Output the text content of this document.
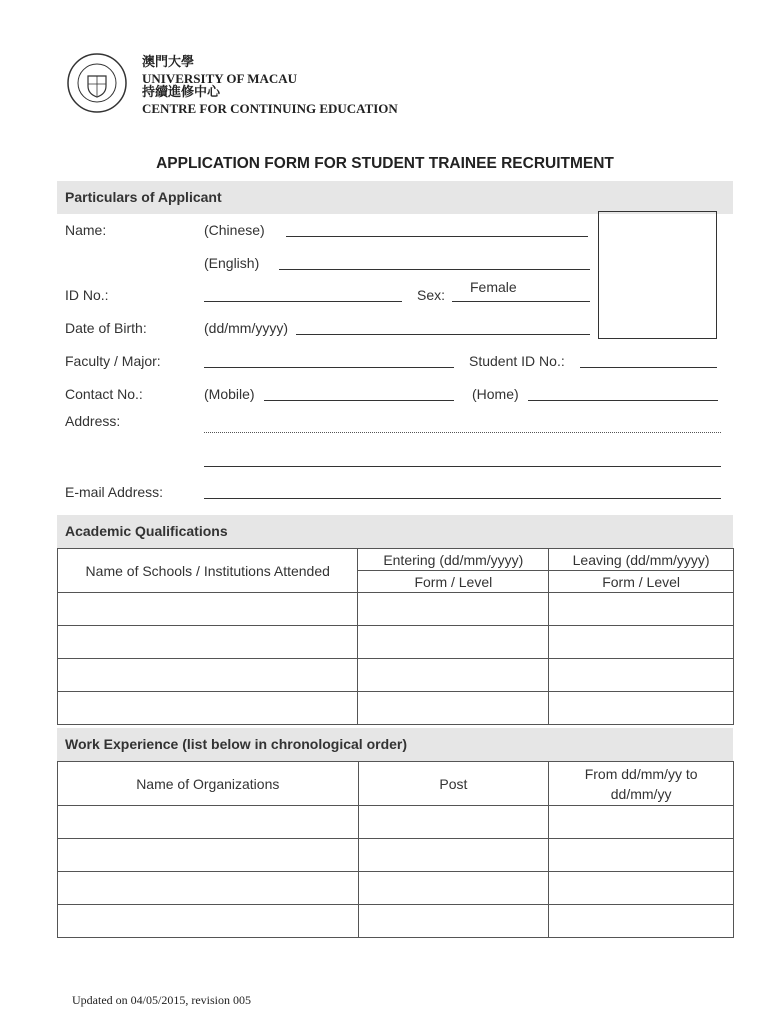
澳門大學
UNIVERSITY OF MACAU
持續進修中心
CENTRE FOR CONTINUING EDUCATION
APPLICATION FORM FOR STUDENT TRAINEE RECRUITMENT
Particulars of Applicant
Name:	(Chinese)
(English)
ID No.:	Sex: Female
Date of Birth:	(dd/mm/yyyy)
Faculty / Major:	Student ID No.:
Contact No.:	(Mobile)	(Home)
Address:
E-mail Address:
Academic Qualifications
Name of Schools / Institutions Attended	Entering (dd/mm/yyyy)	Leaving (dd/mm/yyyy)
	Form / Level	Form / Level

Work Experience (list below in chronological order)
Name of Organizations	Post	From dd/mm/yy to
dd/mm/yy

Updated on 04/05/2015, revision 005
